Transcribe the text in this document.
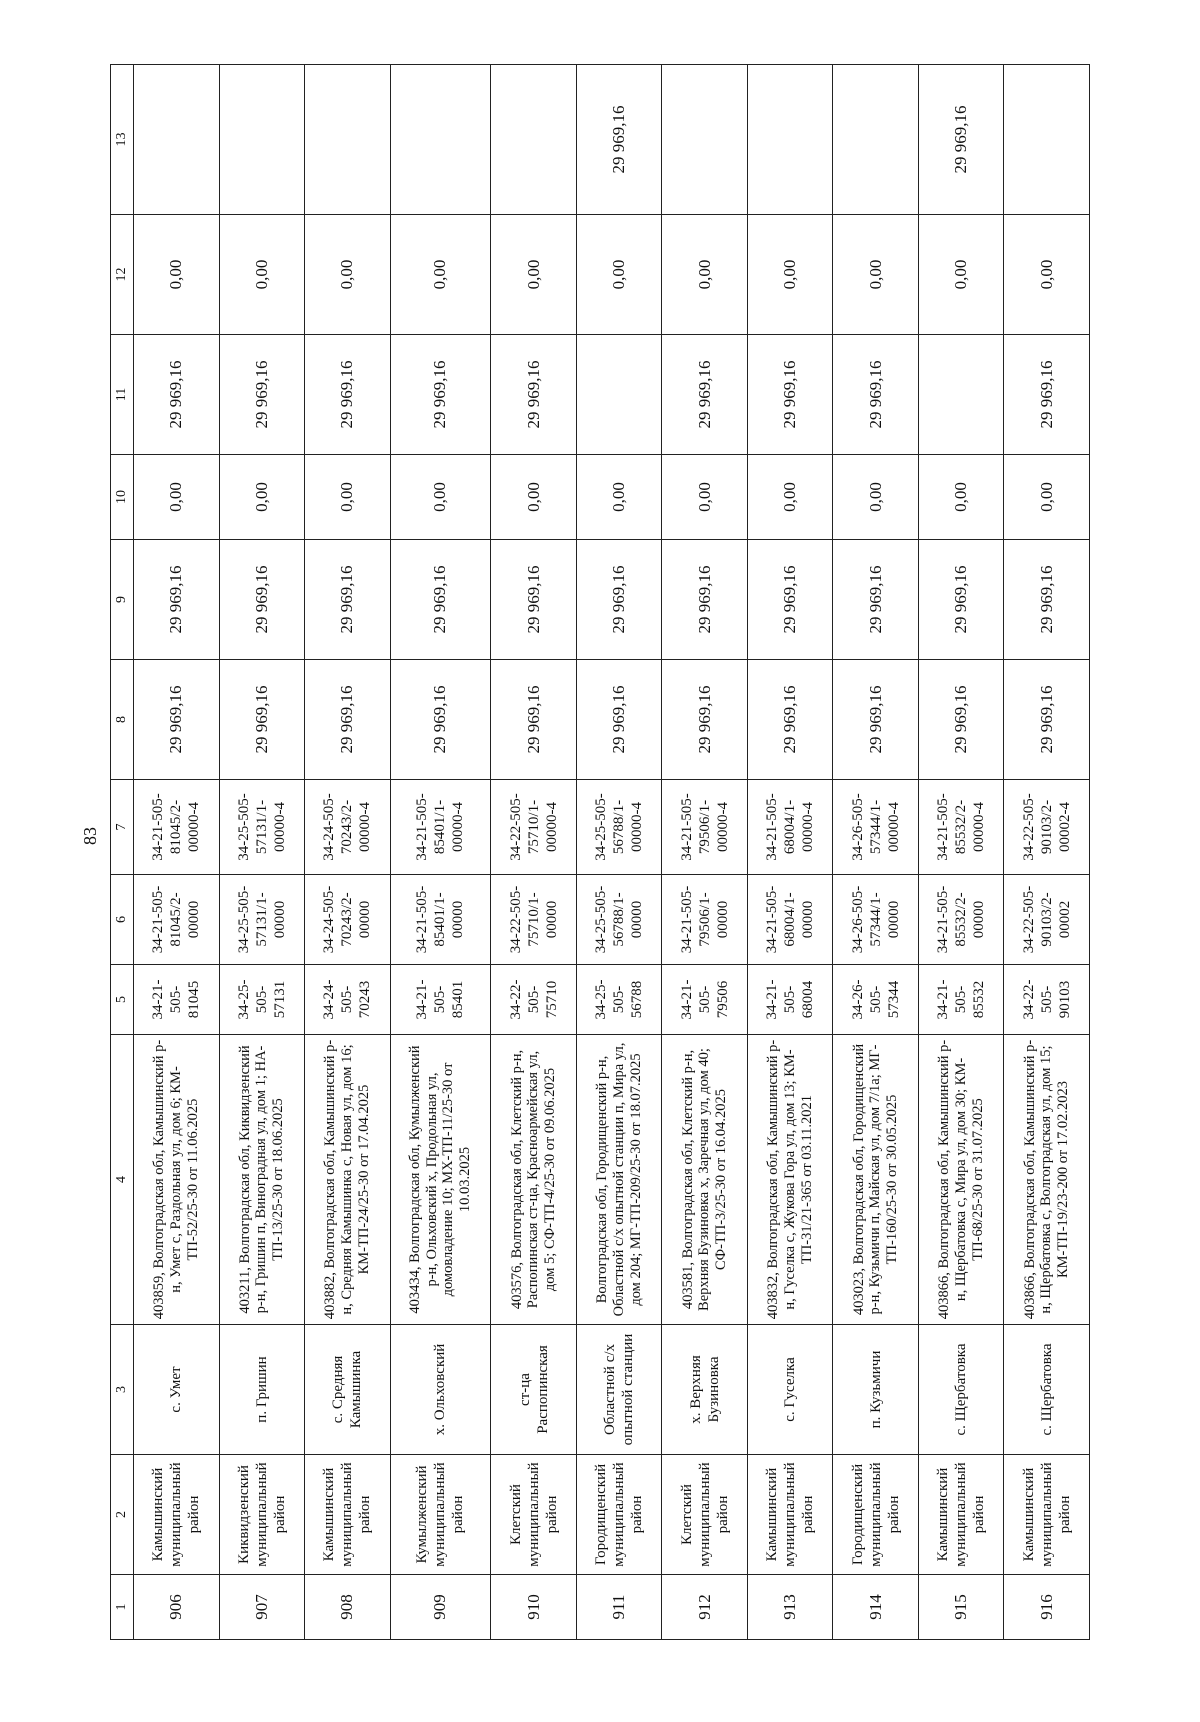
83
1	2	3	4	5	6	7	8	9	10	11	12	13
906	Камышинский муниципальный район	с. Умет	403859, Волгоградская обл, Камышинский р-н, Умет с, Раздольная ул, дом 6; КМ-ТП-52/25-30 от 11.06.2025	34-21-505-81045	34-21-505-81045/2-00000	34-21-505-81045/2-00000-4	29 969,16	29 969,16	0,00	29 969,16	0,00	
907	Киквидзенский муниципальный район	п. Гришин	403211, Волгоградская обл, Киквидзенский р-н, Гришин п, Виноградная ул, дом 1; НА-ТП-13/25-30 от 18.06.2025	34-25-505-57131	34-25-505-57131/1-00000	34-25-505-57131/1-00000-4	29 969,16	29 969,16	0,00	29 969,16	0,00	
908	Камышинский муниципальный район	с. Средняя Камышинка	403882, Волгоградская обл, Камышинский р-н, Средняя Камышинка с, Новая ул, дом 16; КМ-ТП-24/25-30 от 17.04.2025	34-24-505-70243	34-24-505-70243/2-00000	34-24-505-70243/2-00000-4	29 969,16	29 969,16	0,00	29 969,16	0,00	
909	Кумылженский муниципальный район	х. Ольховский	403434, Волгоградская обл, Кумылженский р-н, Ольховский х, Продольная ул, домовладение 10; МХ-ТП-11/25-30 от 10.03.2025	34-21-505-85401	34-21-505-85401/1-00000	34-21-505-85401/1-00000-4	29 969,16	29 969,16	0,00	29 969,16	0,00	
910	Клетский муниципальный район	ст-ца Распопинская	403576, Волгоградская обл, Клетский р-н, Распопинская ст-ца, Красноармейская ул, дом 5; СФ-ТП-4/25-30 от 09.06.2025	34-22-505-75710	34-22-505-75710/1-00000	34-22-505-75710/1-00000-4	29 969,16	29 969,16	0,00	29 969,16	0,00	
911	Городищенский муниципальный район	Областной с/х опытной станции	Волгоградская обл, Городищенский р-н, Областной с/х опытной станции п, Мира ул, дом 204; МГ-ТП-209/25-30 от 18.07.2025	34-25-505-56788	34-25-505-56788/1-00000	34-25-505-56788/1-00000-4	29 969,16	29 969,16	0,00		0,00	29 969,16
912	Клетский муниципальный район	х. Верхняя Бузиновка	403581, Волгоградская обл, Клетский р-н, Верхняя Бузиновка х, Заречная ул, дом 40; СФ-ТП-3/25-30 от 16.04.2025	34-21-505-79506	34-21-505-79506/1-00000	34-21-505-79506/1-00000-4	29 969,16	29 969,16	0,00	29 969,16	0,00	
913	Камышинский муниципальный район	с. Гуселка	403832, Волгоградская обл, Камышинский р-н, Гуселка с, Жукова Гора ул, дом 13; КМ-ТП-31/21-365 от 03.11.2021	34-21-505-68004	34-21-505-68004/1-00000	34-21-505-68004/1-00000-4	29 969,16	29 969,16	0,00	29 969,16	0,00	
914	Городищенский муниципальный район	п. Кузьмичи	403023, Волгоградская обл, Городищенский р-н, Кузьмичи п, Майская ул, дом 7/1а; МГ-ТП-160/25-30 от 30.05.2025	34-26-505-57344	34-26-505-57344/1-00000	34-26-505-57344/1-00000-4	29 969,16	29 969,16	0,00	29 969,16	0,00	
915	Камышинский муниципальный район	с. Щербатовка	403866, Волгоградская обл, Камышинский р-н, Щербатовка с, Мира ул, дом 30; КМ-ТП-68/25-30 от 31.07.2025	34-21-505-85532	34-21-505-85532/2-00000	34-21-505-85532/2-00000-4	29 969,16	29 969,16	0,00		0,00	29 969,16
916	Камышинский муниципальный район	с. Щербатовка	403866, Волгоградская обл, Камышинский р-н, Щербатовка с, Волгоградская ул, дом 15; КМ-ТП-19/23-200 от 17.02.2023	34-22-505-90103	34-22-505-90103/2-00002	34-22-505-90103/2-00002-4	29 969,16	29 969,16	0,00	29 969,16	0,00	
